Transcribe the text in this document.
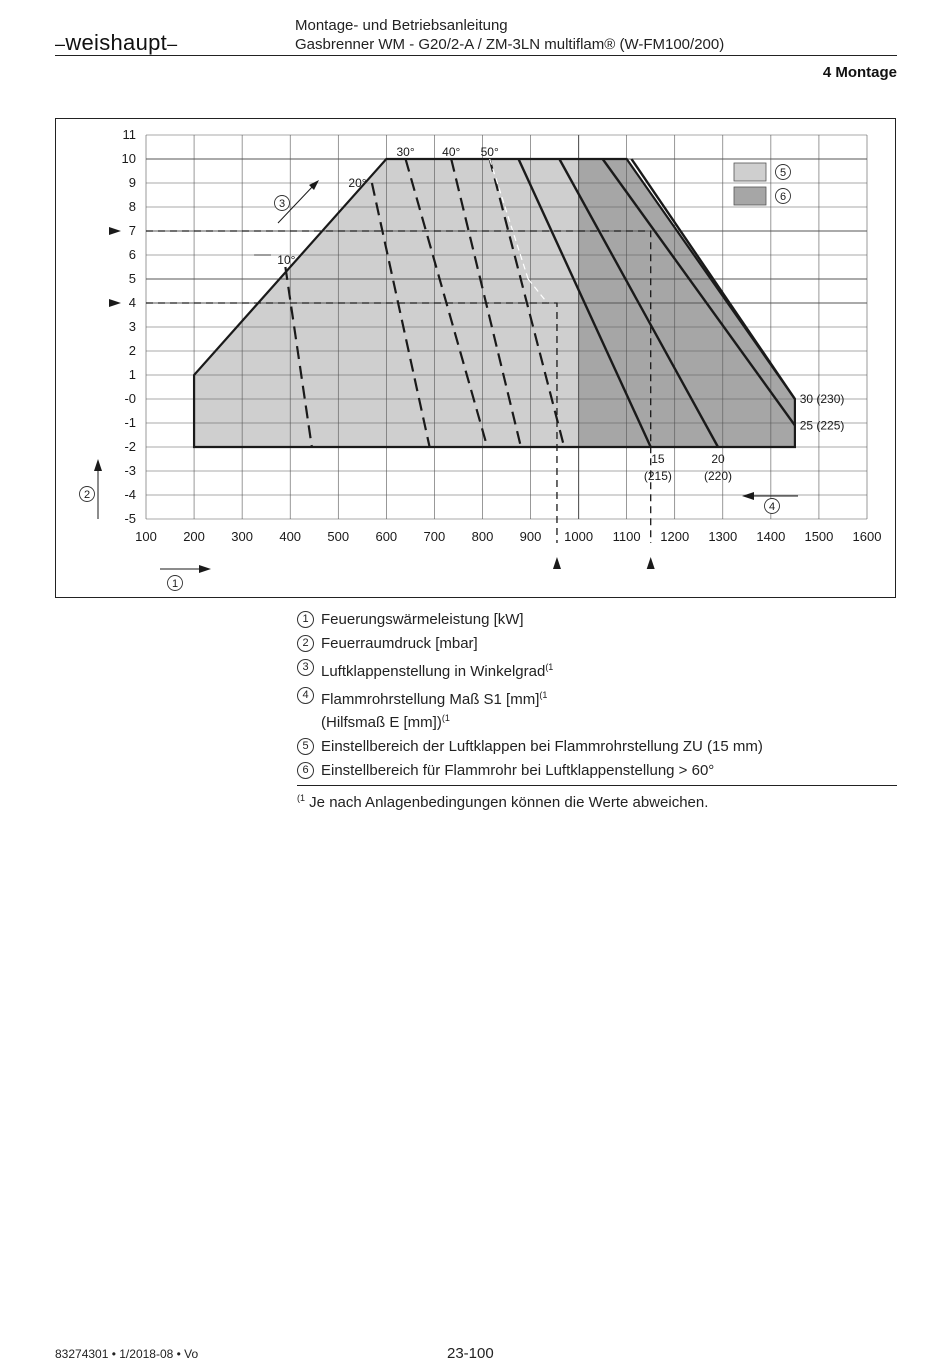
–weishaupt–
Montage- und Betriebsanleitung
Gasbrenner WM - G20/2-A / ZM-3LN multiflam® (W-FM100/200)
4 Montage
100 200 300 400 500 600 700 800 900 1000 1100 1200 1300 1400 1500 1600
11
10
9
8
7
6
5
4
3
2
1
-0
-1
-2
-3
-4
-5
10°
20°
30° 40° 50°
15
(215)
20
(220)
25 (225)
30 (230)
1
2
3
4
5
6
1 Feuerungswärmeleistung [kW]
2 Feuerraumdruck [mbar]
3 Luftklappenstellung in Winkelgrad$^{(1}$
4 Flammrohrstellung Maß S1 [mm]$^{(1}$
(Hilfsmaß E [mm])$^{(1}$
5 Einstellbereich der Luftklappen bei Flammrohrstellung ZU (15 mm)
6 Einstellbereich für Flammrohr bei Luftklappenstellung > 60°
$^{(1}$ Je nach Anlagenbedingungen können die Werte abweichen.
83274301 • 1/2018-08 • Vo	23-100
